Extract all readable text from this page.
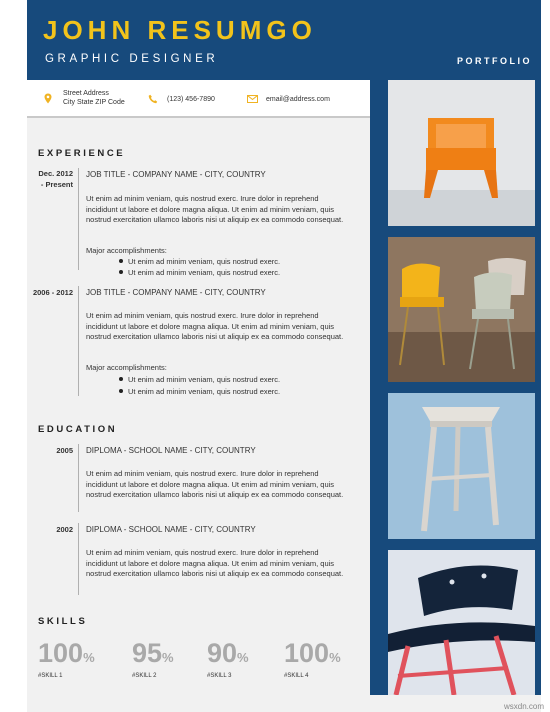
JOHN RESUMGO
GRAPHIC DESIGNER	PORTFOLIO
Street Address
City State ZIP Code	(123) 456-7890	email@address.com
EXPERIENCE
Dec. 2012
- Present
JOB TITLE - COMPANY NAME - CITY, COUNTRY
Ut enim ad minim veniam, quis nostrud exerc. Irure dolor in reprehend incididunt ut labore et dolore magna aliqua. Ut enim ad minim veniam, quis nostrud exercitation ullamco laboris nisi ut aliquip ex ea commodo consequat.
Major accomplishments:
Ut enim ad minim veniam, quis nostrud exerc.
Ut enim ad minim veniam, quis nostrud exerc.
2006 - 2012 JOB TITLE - COMPANY NAME - CITY, COUNTRY
Ut enim ad minim veniam, quis nostrud exerc. Irure dolor in reprehend incididunt ut labore et dolore magna aliqua. Ut enim ad minim veniam, quis nostrud exercitation ullamco laboris nisi ut aliquip ex ea commodo consequat.
Major accomplishments:
Ut enim ad minim veniam, quis nostrud exerc.
Ut enim ad minim veniam, quis nostrud exerc.
EDUCATION
2005 DIPLOMA - SCHOOL NAME - CITY, COUNTRY
Ut enim ad minim veniam, quis nostrud exerc. Irure dolor in reprehend incididunt ut labore et dolore magna aliqua. Ut enim ad minim veniam, quis nostrud exercitation ullamco laboris nisi ut aliquip ex ea commodo consequat.
2002 DIPLOMA - SCHOOL NAME - CITY, COUNTRY
Ut enim ad minim veniam, quis nostrud exerc. Irure dolor in reprehend incididunt ut labore et dolore magna aliqua. Ut enim ad minim veniam, quis nostrud exercitation ullamco laboris nisi ut aliquip ex ea commodo consequat.
SKILLS
100%
#SKILL 1
95%
#SKILL 2
90%
#SKILL 3
100%
#SKILL 4
wsxdn.com
